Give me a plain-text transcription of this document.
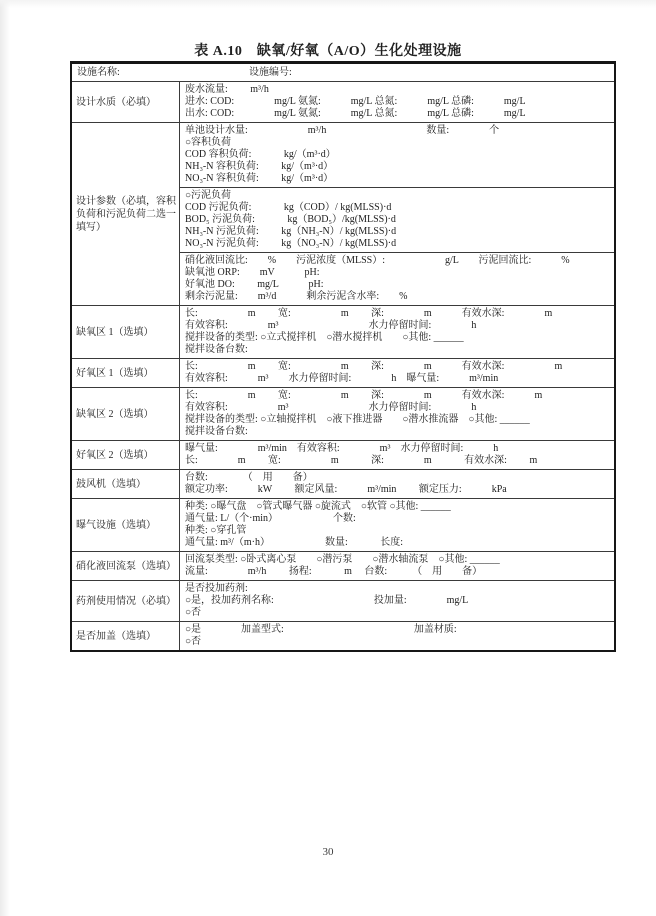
表 A.10　缺氧/好氧（A/O）生化处理设施
设施名称:	设施编号:
设计水质（必填）
废水流量:　　 m³/h
进水: COD:　　　　mg/L 氨氮:　　　mg/L 总氮:　　　mg/L 总磷:　　　mg/L
出水: COD:　　　　mg/L 氨氮:　　　mg/L 总氮:　　　mg/L 总磷:　　　mg/L
设计参数（必填，容积负荷和污泥负荷二选一填写）
单池设计水量:　　　　　　m³/h　　　　　　　　　　数量:　　　　个
○容积负荷
COD 容积负荷:　　　 kg/（m³·d）
NH₃-N 容积负荷:　　 kg/（m³·d）
NO₃-N 容积负荷:　　 kg/（m³·d）
○污泥负荷
COD 污泥负荷:　　　 kg（COD）/ kg(MLSS)·d
BOD₅ 污泥负荷:　　　 kg（BOD₅）/kg(MLSS)·d
NH₃-N 污泥负荷:　　 kg（NH₃-N）/ kg(MLSS)·d
NO₃-N 污泥负荷:　　 kg（NO₃-N）/ kg(MLSS)·d
硝化液回流比:　　%　　污泥浓度（MLSS）:　　　　　　g/L　　污泥回流比:　　　%
缺氧池 ORP:　　mV　　　pH:
好氧池 DO:　　 mg/L　　　pH:
剩余污泥量:　　m³/d　　　剩余污泥含水率:　　%
缺氧区 1（选填）
长:　　　　　m　　 宽:　　　　　m　　 深:　　　　m　　　有效水深:　　　　m
有效容积:　　　　m³　　　　　　　　　水力停留时间:　　　　h
搅拌设备的类型: ○立式搅拌机　○潜水搅拌机　　○其他: ______
搅拌设备台数:
好氧区 1（选填）
长:　　　　　m　　 宽:　　　　　m　　 深:　　　　m　　　有效水深:　　　　　m
有效容积:　　　m³　　水力停留时间:　　　　h　曝气量:　　　m³/min
缺氧区 2（选填）
长:　　　　　m　　 宽:　　　　　m　　 深:　　　　m　　　有效水深:　　　m
有效容积:　　　　　m³　　　　　　　　水力停留时间:　　　　h
搅拌设备的类型: ○立轴搅拌机　○液下推进器　　○潜水推流器　○其他: ______
搅拌设备台数:
好氧区 2（选填）
曝气量:　　　　m³/min　有效容积:　　　　m³　水力停留时间:　　　h
长:　　　　m　　 宽:　　　　　m　　　 深:　　　　m　　　 有效水深:　　 m
鼓风机（选填）
台数:　　　　（　用　　备）
额定功率:　　　kW　　 额定风量:　　　m³/min　　 额定压力:　　　kPa
曝气设施（选填）
种类: ○曝气盘　○管式曝气器 ○旋流式　○软管 ○其他: ______
通气量: L/（个·min）　　　　　　个数:
种类: ○穿孔管
通气量: m³/（m·h）　　　　　　数量:　　　 长度:
硝化液回流泵（选填）
回流泵类型: ○卧式离心泵　　○潜污泵　　○潜水轴流泵　○其他: ______
流量:　　　　m³/h　　 扬程:　　　 m　 台数:　　　（　用　　备）
药剂使用情况（必填）
是否投加药剂:
○是，投加药剂名称:　　　　　　　　　　投加量:　　　　mg/L
○否
是否加盖（选填）
○是　　　　加盖型式:　　　　　　　　　　　　　加盖材质:
○否
30
